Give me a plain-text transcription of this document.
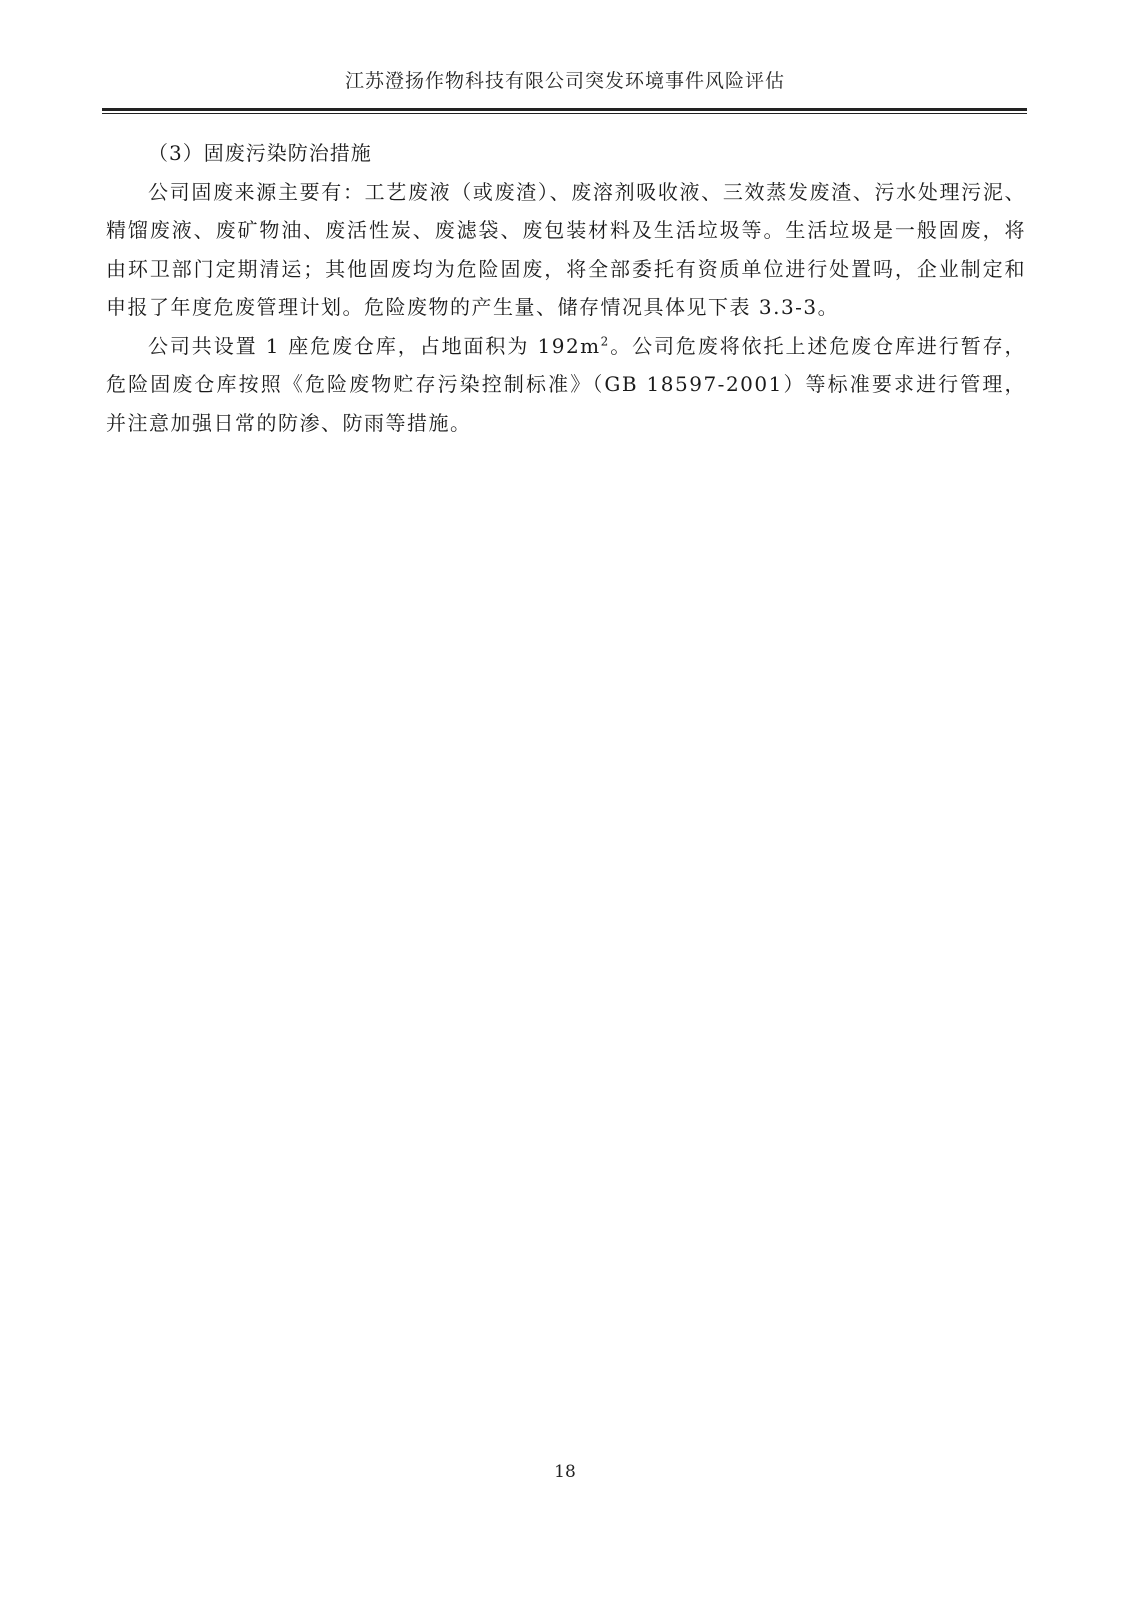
江苏澄扬作物科技有限公司突发环境事件风险评估

（3）固废污染防治措施

公司固废来源主要有：工艺废液（或废渣）、废溶剂吸收液、三效蒸发废渣、污水处理污泥、精馏废液、废矿物油、废活性炭、废滤袋、废包装材料及生活垃圾等。生活垃圾是一般固废，将由环卫部门定期清运；其他固废均为危险固废，将全部委托有资质单位进行处置吗，企业制定和申报了年度危废管理计划。危险废物的产生量、储存情况具体见下表 3.3-3。

公司共设置 1 座危废仓库，占地面积为 $192m^2$。公司危废将依托上述危废仓库进行暂存，危险固废仓库按照《危险废物贮存污染控制标准》（GB 18597-2001）等标准要求进行管理，并注意加强日常的防渗、防雨等措施。

18
